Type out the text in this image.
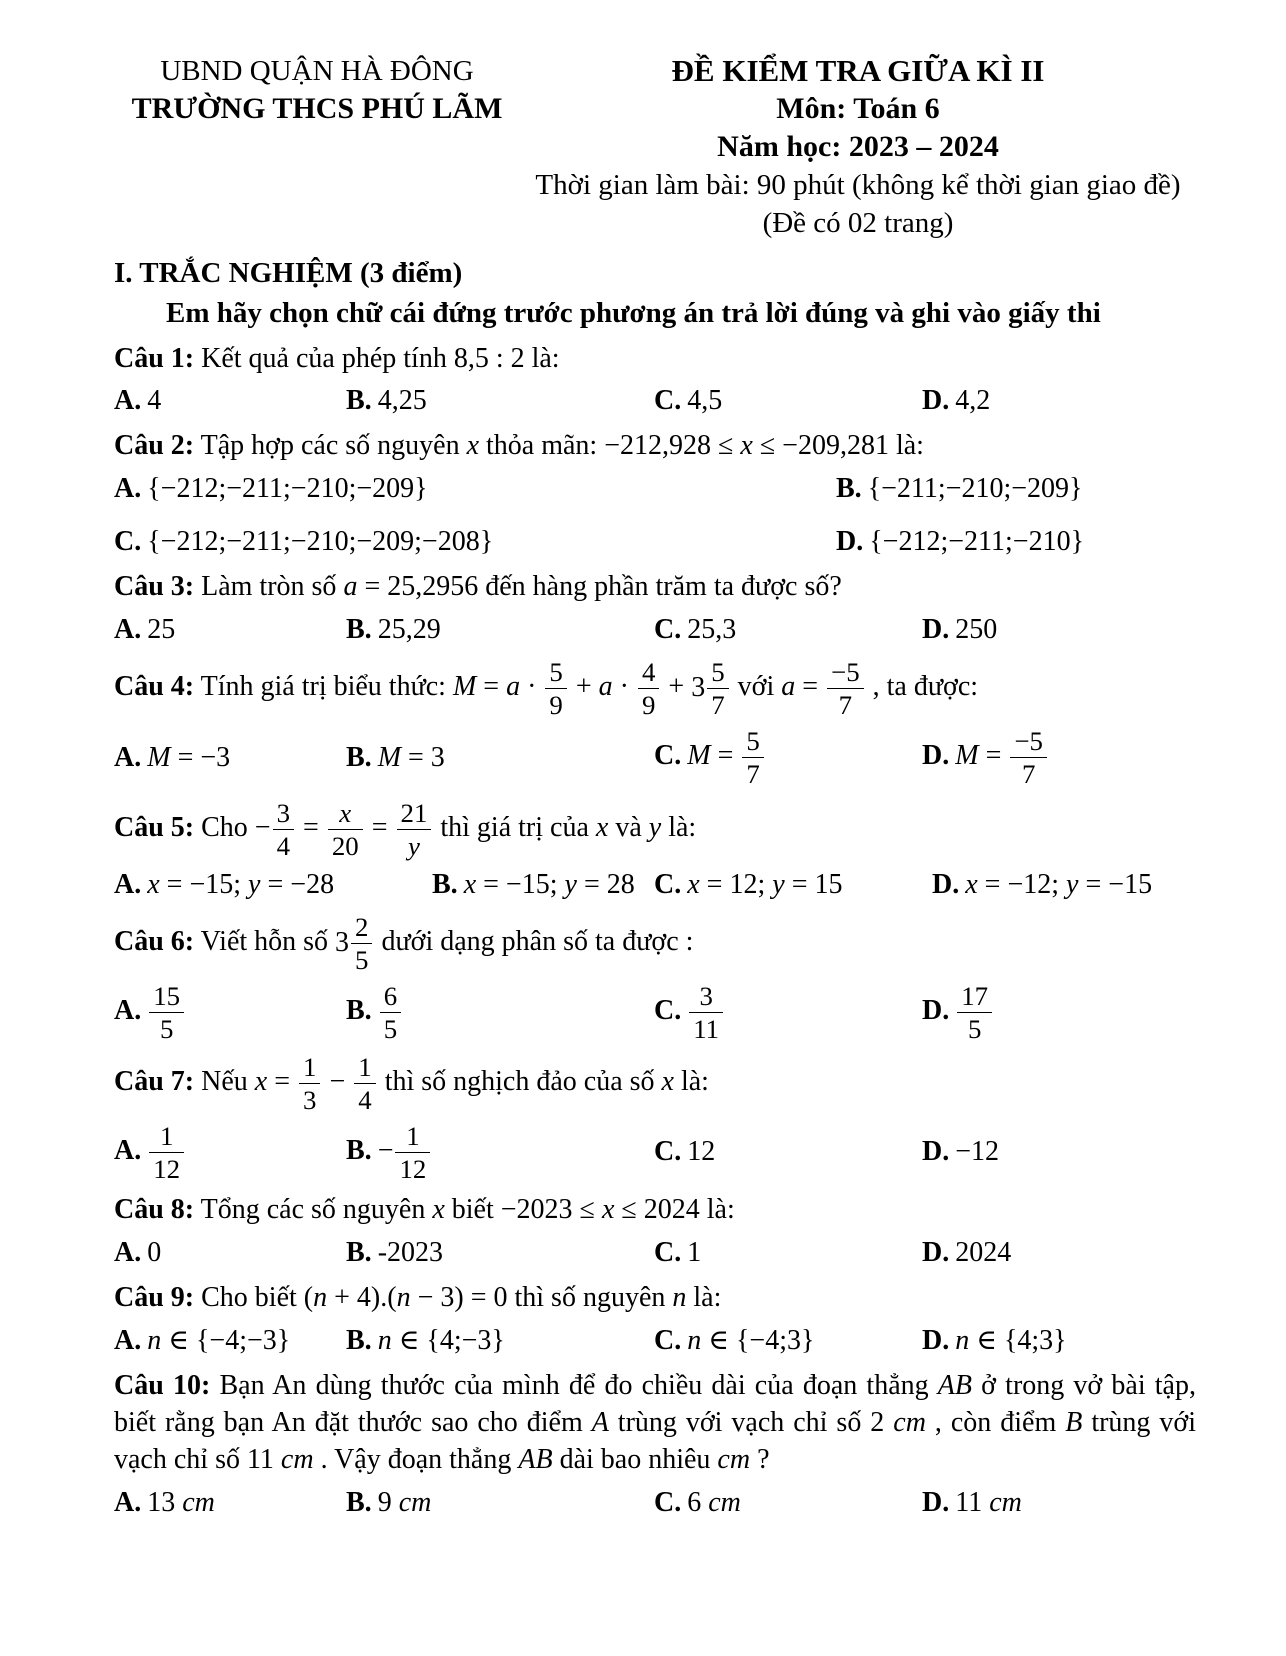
UBND QUẬN HÀ ĐÔNG
TRƯỜNG THCS PHÚ LÃM
ĐỀ KIỂM TRA GIỮA KÌ II
Môn: Toán 6
Năm học: 2023 – 2024
Thời gian làm bài: 90 phút (không kể thời gian giao đề)
(Đề có 02 trang)
I. TRẮC NGHIỆM (3 điểm)
Em hãy chọn chữ cái đứng trước phương án trả lời đúng và ghi vào giấy thi
Câu 1: Kết quả của phép tính 8,5 : 2 là:
A. 4	B. 4,25	C. 4,5	D. 4,2
Câu 2: Tập hợp các số nguyên x thỏa mãn: −212,928 ≤ x ≤ −209,281 là:
A. {−212;−211;−210;−209}	B. {−211;−210;−209}
C. {−212;−211;−210;−209;−208}	D. {−212;−211;−210}
Câu 3: Làm tròn số a = 25,2956 đến hàng phần trăm ta được số?
A. 25	B. 25,29	C. 25,3	D. 250
Câu 4: Tính giá trị biểu thức: $M = a \cdot \frac{5}{9} + a \cdot \frac{4}{9} + 3 \frac{5}{7}$ với $a = \frac{-5}{7}$ , ta được:
A. M = −3	B. M = 3	C. $M = \frac{5}{7}$	D. $M = \frac{-5}{7}$
Câu 5: Cho − $\frac{3}{4} = \frac{x}{20} = \frac{21}{y}$ thì giá trị của x và y là:
A. x = −15; y = −28	B. x = −15; y = 28 C. x = 12; y = 15	D. x = −12; y = −15
Câu 6: Viết hỗn số $3 \frac{2}{5}$ dưới dạng phân số ta được :
A. $\frac{15}{5}$	B. $\frac{6}{5}$	C. $\frac{3}{11}$	D. $\frac{17}{5}$
Câu 7: Nếu $x = \frac{1}{3} - \frac{1}{4}$ thì số nghịch đảo của số x là:
A. $\frac{1}{12}$	B. − $\frac{1}{12}$	C. 12	D. −12
Câu 8: Tổng các số nguyên x biết −2023 ≤ x ≤ 2024 là:
A. 0	B. -2023	C. 1	D. 2024
Câu 9: Cho biết (n + 4).(n − 3) = 0 thì số nguyên n là:
A. n ∈ {−4;−3}	B. n ∈ {4;−3}	C. n ∈ {−4;3}	D. n ∈ {4;3}
Câu 10: Bạn An dùng thước của mình để đo chiều dài của đoạn thẳng AB ở trong vở bài tập, biết rằng bạn An đặt thước sao cho điểm A trùng với vạch chỉ số 2 cm , còn điểm B trùng với vạch chỉ số 11 cm . Vậy đoạn thẳng AB dài bao nhiêu cm ?
A. 13 cm	B. 9 cm	C. 6 cm	D. 11 cm
